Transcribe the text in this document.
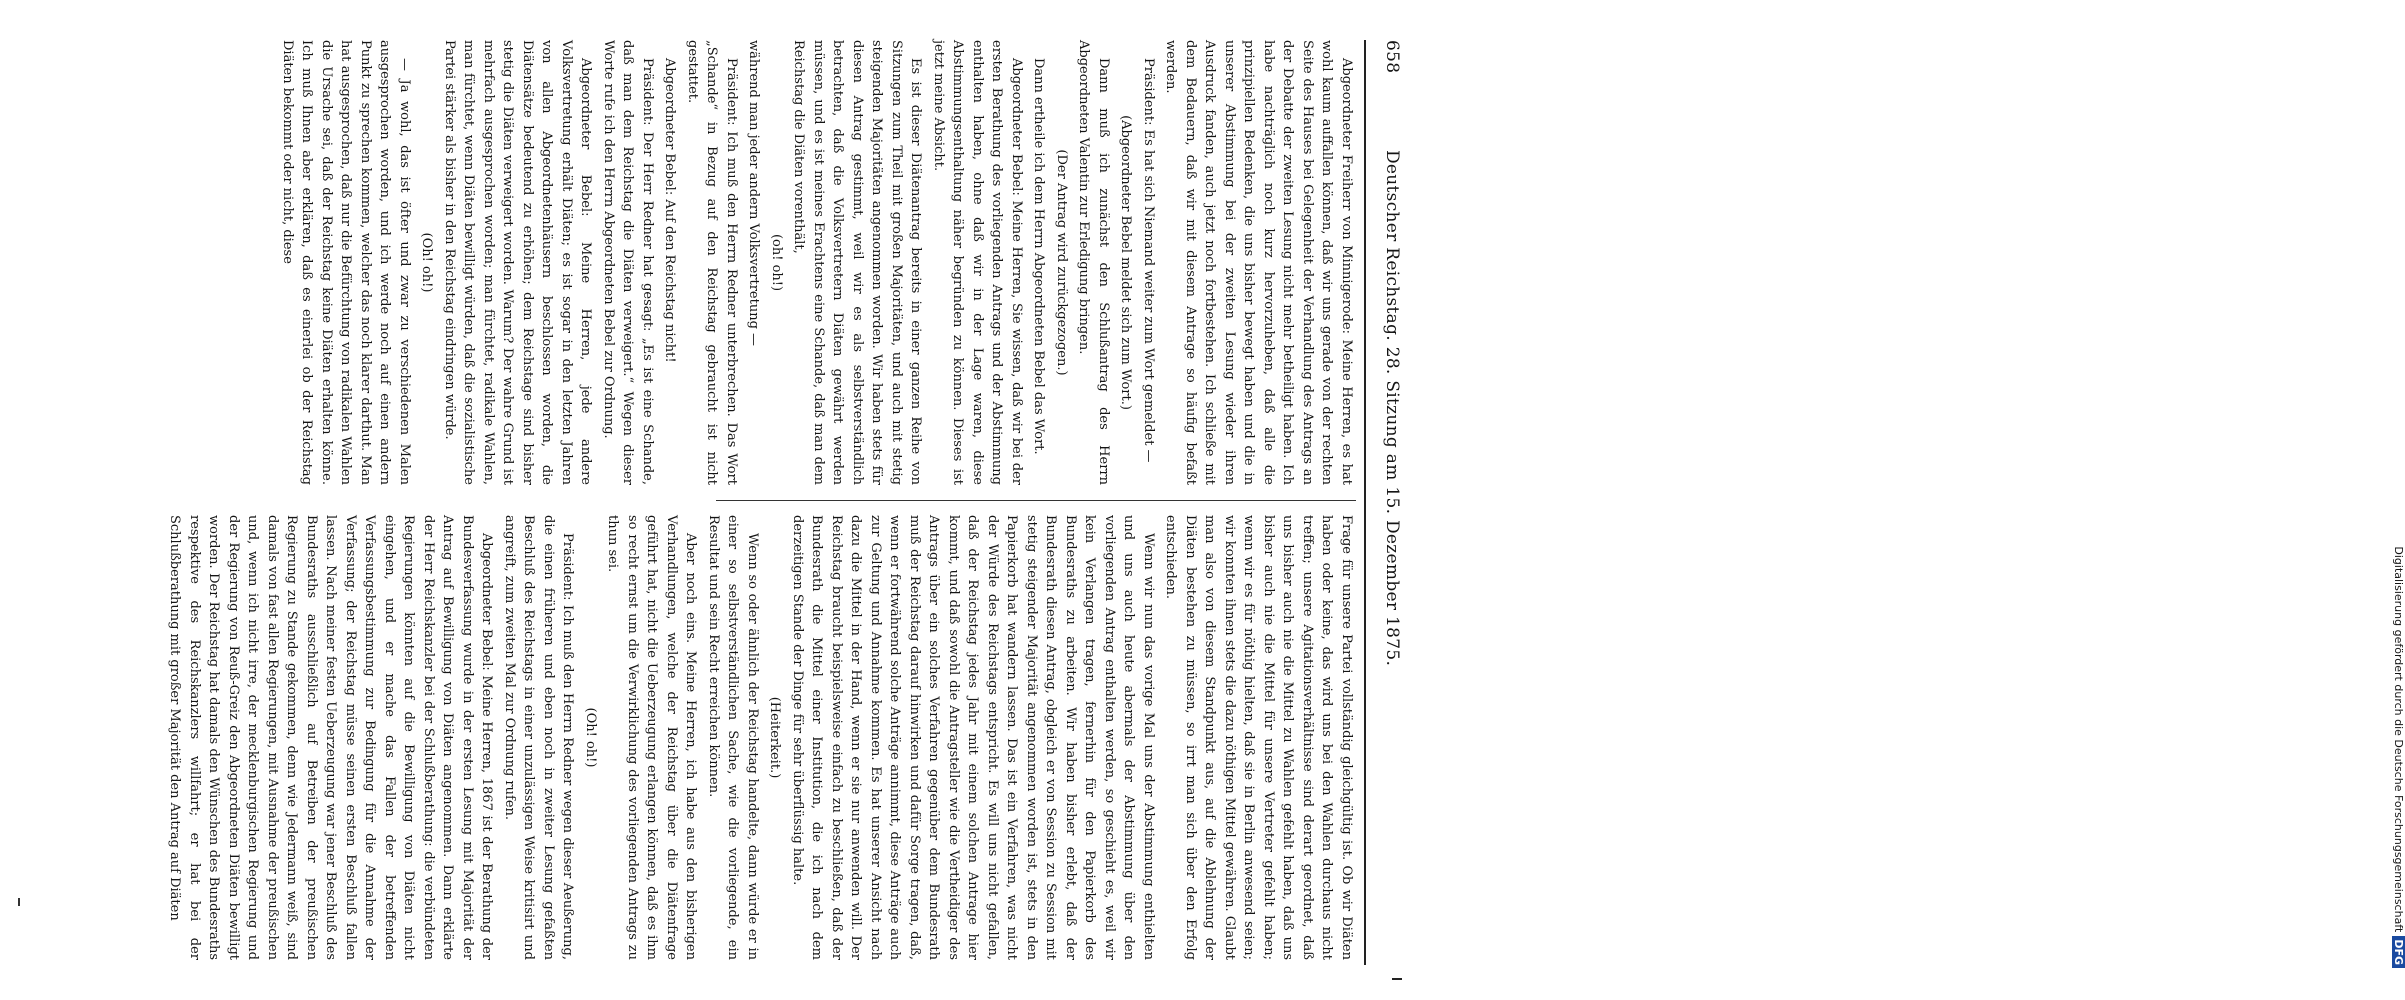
658
Deutscher Reichstag. 28. Sitzung am 15. Dezember 1875.

Abgeordneter Freiherr von Minnigerode: Meine Herren, es hat wohl kaum auffallen können, daß wir uns gerade von der rechten Seite des Hauses bei Gelegenheit der Verhandlung des Antrags an der Debatte der zweiten Lesung nicht mehr betheiligt haben. Ich habe nachträglich noch kurz hervorzuheben, daß alle die prinzipiellen Bedenken, die uns bisher bewegt haben und die in unserer Abstimmung bei der zweiten Lesung wieder ihren Ausdruck fanden, auch jetzt noch fortbestehen. Ich schließe mit dem Bedauern, daß wir mit diesem Antrage so häufig befaßt werden.

Präsident: Es hat sich Niemand weiter zum Wort gemeldet —

(Abgeordneter Bebel meldet sich zum Wort.)

Dann muß ich zunächst den Schlußantrag des Herrn Abgeordneten Valentin zur Erledigung bringen.

(Der Antrag wird zurückgezogen.)

Dann ertheile ich dem Herrn Abgeordneten Bebel das Wort.

Abgeordneter Bebel: Meine Herren, Sie wissen, daß wir bei der ersten Berathung des vorliegenden Antrags und der Abstimmung enthalten haben, ohne daß wir in der Lage waren, diese Abstimmungsenthaltung näher begründen zu können. Dieses ist jetzt meine Absicht.

Es ist dieser Diätenantrag bereits in einer ganzen Reihe von Sitzungen zum Theil mit großen Majoritäten, und auch mit stetig steigenden Majoritäten angenommen worden. Wir haben stets für diesen Antrag gestimmt, weil wir es als selbstverständlich betrachten, daß die Volksvertretern Diäten gewährt werden müssen, und es ist meines Erachtens eine Schande, daß man dem Reichstag die Diäten vorenthält,

(oh! oh!)

während man jeder andern Volksvertretung —

Präsident: Ich muß den Herrn Redner unterbrechen. Das Wort „Schande“ in Bezug auf den Reichstag gebraucht ist nicht gestattet.

Abgeordneter Bebel: Auf den Reichstag nicht!

Präsident: Der Herr Redner hat gesagt: „Es ist eine Schande, daß man dem Reichstag die Diäten verweigert.“ Wegen dieser Worte rufe ich den Herrn Abgeordneten Bebel zur Ordnung.

Abgeordneter Bebel: Meine Herren, jede andere Volksvertretung erhält Diäten; es ist sogar in den letzten Jahren von allen Abgeordnetenhäusern beschlossen worden, die Diätensätze bedeutend zu erhöhen; dem Reichstage sind bisher stetig die Diäten verweigert worden. Warum? Der wahre Grund ist mehrfach ausgesprochen worden; man fürchtet, radikale Wahlen, man fürchtet, wenn Diäten bewilligt würden, daß die sozialistische Partei stärker als bisher in den Reichstag eindringen würde.

(Oh! oh!)

— Ja wohl, das ist öfter und zwar zu verschiedenen Malen ausgesprochen worden, und ich werde noch auf einen andern Punkt zu sprechen kommen, welcher das noch klarer darthut. Man hat ausgesprochen, daß nur die Befürchtung von radikalen Wahlen die Ursache sei, daß der Reichstag keine Diäten erhalten könne. Ich muß Ihnen aber erklären, daß es einerlei ob der Reichstag Diäten bekommt oder nicht, diese

Frage für unsere Partei vollständig gleichgültig ist. Ob wir Diäten haben oder keine, das wird uns bei den Wahlen durchaus nicht treffen; unsere Agitationsverhältnisse sind derart geordnet, daß uns bisher auch nie die Mittel zu Wahlen gefehlt haben, daß uns bisher auch nie die Mittel für unsere Vertreter gefehlt haben; wenn wir es für nöthig hielten, daß sie in Berlin anwesend seien; wir konnten ihnen stets die dazu nöthigen Mittel gewähren. Glaubt man also von diesem Standpunkt aus, auf die Ablehnung der Diäten bestehen zu müssen, so irrt man sich über den Erfolg entschieden.

Wenn wir nun das vorige Mal uns der Abstimmung enthielten und uns auch heute abermals der Abstimmung über den vorliegenden Antrag enthalten werden, so geschieht es, weil wir kein Verlangen tragen, fernerhin für den Papierkorb des Bundesraths zu arbeiten. Wir haben bisher erlebt, daß der Bundesrath diesen Antrag, obgleich er von Session zu Session mit stetig steigender Majorität angenommen worden ist, stets in den Papierkorb hat wandern lassen. Das ist ein Verfahren, was nicht der Würde des Reichstags entspricht. Es will uns nicht gefallen, daß der Reichstag jedes Jahr mit einem solchen Antrage hier kommt, und daß sowohl die Antragsteller wie die Vertheidiger des Antrags über ein solches Verfahren gegenüber dem Bundesrath muß der Reichstag darauf hinwirken und dafür Sorge tragen, daß, wenn er fortwährend solche Anträge annimmt, diese Anträge auch zur Geltung und Annahme kommen. Es hat unserer Ansicht nach dazu die Mittel in der Hand, wenn er sie nur anwenden will. Der Reichstag braucht beispielsweise einfach zu beschließen, daß der Bundesrath die Mittel einer Institution, die ich nach dem derzeitigen Stande der Dinge für sehr überflüssig halte.

(Heiterkeit.)

Wenn so oder ähnlich der Reichstag handelte, dann würde er in einer so selbstverständlichen Sache, wie die vorliegende, ein Resultat und sein Recht erreichen können.

Aber noch eins. Meine Herren, ich habe aus den bisherigen Verhandlungen, welche der Reichstag über die Diätenfrage geführt hat, nicht die Ueberzeugung erlangen können, daß es ihm so recht ernst um die Verwirklichung des vorliegenden Antrags zu thun sei.

(Oh! oh!)

Präsident: Ich muß den Herrn Redner wegen dieser Aeußerung, die einen früheren und eben noch in zweiter Lesung gefaßten Beschluß des Reichstags in einer unzulässigen Weise kritisirt und angreift, zum zweiten Mal zur Ordnung rufen.

Abgeordneter Bebel: Meine Herren, 1867 ist der Berathung der Bundesverfassung wurde in der ersten Lesung mit Majorität der Antrag auf Bewilligung von Diäten angenommen. Dann erklärte der Herr Reichskanzler bei der Schlußberathung: die verbündeten Regierungen könnten auf die Bewilligung von Diäten nicht eingehen, und er mache das Fallen der betreffenden Verfassungsbestimmung zur Bedingung für die Annahme der Verfassung; der Reichstag müsse seinen ersten Beschluß fallen lassen. Nach meiner festen Ueberzeugung war jener Beschluß des Bundesraths ausschließlich auf Betreiben der preußischen Regierung zu Stande gekommen, denn wie Jedermann weiß, sind damals von fast allen Regierungen, mit Ausnahme der preußischen und, wenn ich nicht irre, der mecklenburgischen Regierung und der Regierung von Reuß-Greiz den Abgeordneten Diäten bewilligt worden. Der Reichstag hat damals den Wünschen des Bundesraths respektive des Reichskanzlers willfahrt; er hat bei der Schlußberathung mit großer Majorität den Antrag auf Diäten	Digitalisierung gefördert durch die Deutsche ForschungsgemeinschaftDFG
